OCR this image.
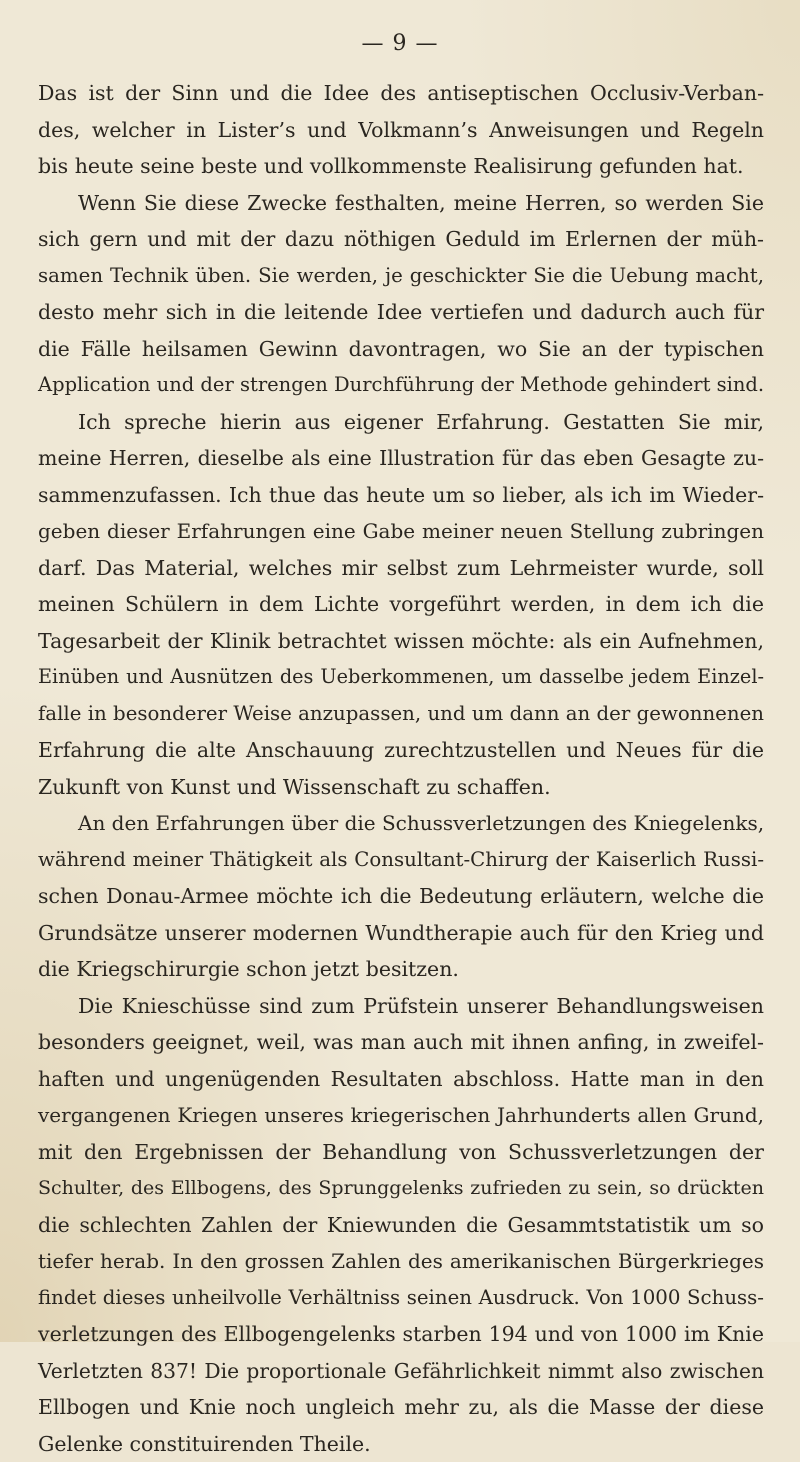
— 9 —
Das ist der Sinn und die Idee des antiseptischen Occlusiv-Verban-
des, welcher in Lister’s und Volkmann’s Anweisungen und Regeln
bis heute seine beste und vollkommenste Realisirung gefunden hat.
Wenn Sie diese Zwecke festhalten, meine Herren, so werden Sie
sich gern und mit der dazu nöthigen Geduld im Erlernen der müh-
samen Technik üben. Sie werden, je geschickter Sie die Uebung macht,
desto mehr sich in die leitende Idee vertiefen und dadurch auch für
die Fälle heilsamen Gewinn davontragen, wo Sie an der typischen
Application und der strengen Durchführung der Methode gehindert sind.
Ich spreche hierin aus eigener Erfahrung. Gestatten Sie mir,
meine Herren, dieselbe als eine Illustration für das eben Gesagte zu-
sammenzufassen. Ich thue das heute um so lieber, als ich im Wieder-
geben dieser Erfahrungen eine Gabe meiner neuen Stellung zubringen
darf. Das Material, welches mir selbst zum Lehrmeister wurde, soll
meinen Schülern in dem Lichte vorgeführt werden, in dem ich die
Tagesarbeit der Klinik betrachtet wissen möchte: als ein Aufnehmen,
Einüben und Ausnützen des Ueberkommenen, um dasselbe jedem Einzel-
falle in besonderer Weise anzupassen, und um dann an der gewonnenen
Erfahrung die alte Anschauung zurechtzustellen und Neues für die
Zukunft von Kunst und Wissenschaft zu schaffen.
An den Erfahrungen über die Schussverletzungen des Kniegelenks,
während meiner Thätigkeit als Consultant-Chirurg der Kaiserlich Russi-
schen Donau-Armee möchte ich die Bedeutung erläutern, welche die
Grundsätze unserer modernen Wundtherapie auch für den Krieg und
die Kriegschirurgie schon jetzt besitzen.
Die Knieschüsse sind zum Prüfstein unserer Behandlungsweisen
besonders geeignet, weil, was man auch mit ihnen anfing, in zweifel-
haften und ungenügenden Resultaten abschloss. Hatte man in den
vergangenen Kriegen unseres kriegerischen Jahrhunderts allen Grund,
mit den Ergebnissen der Behandlung von Schussverletzungen der
Schulter, des Ellbogens, des Sprunggelenks zufrieden zu sein, so drückten
die schlechten Zahlen der Kniewunden die Gesammtstatistik um so
tiefer herab. In den grossen Zahlen des amerikanischen Bürgerkrieges
findet dieses unheilvolle Verhältniss seinen Ausdruck. Von 1000 Schuss-
verletzungen des Ellbogengelenks starben 194 und von 1000 im Knie
Verletzten 837! Die proportionale Gefährlichkeit nimmt also zwischen
Ellbogen und Knie noch ungleich mehr zu, als die Masse der diese
Gelenke constituirenden Theile.
